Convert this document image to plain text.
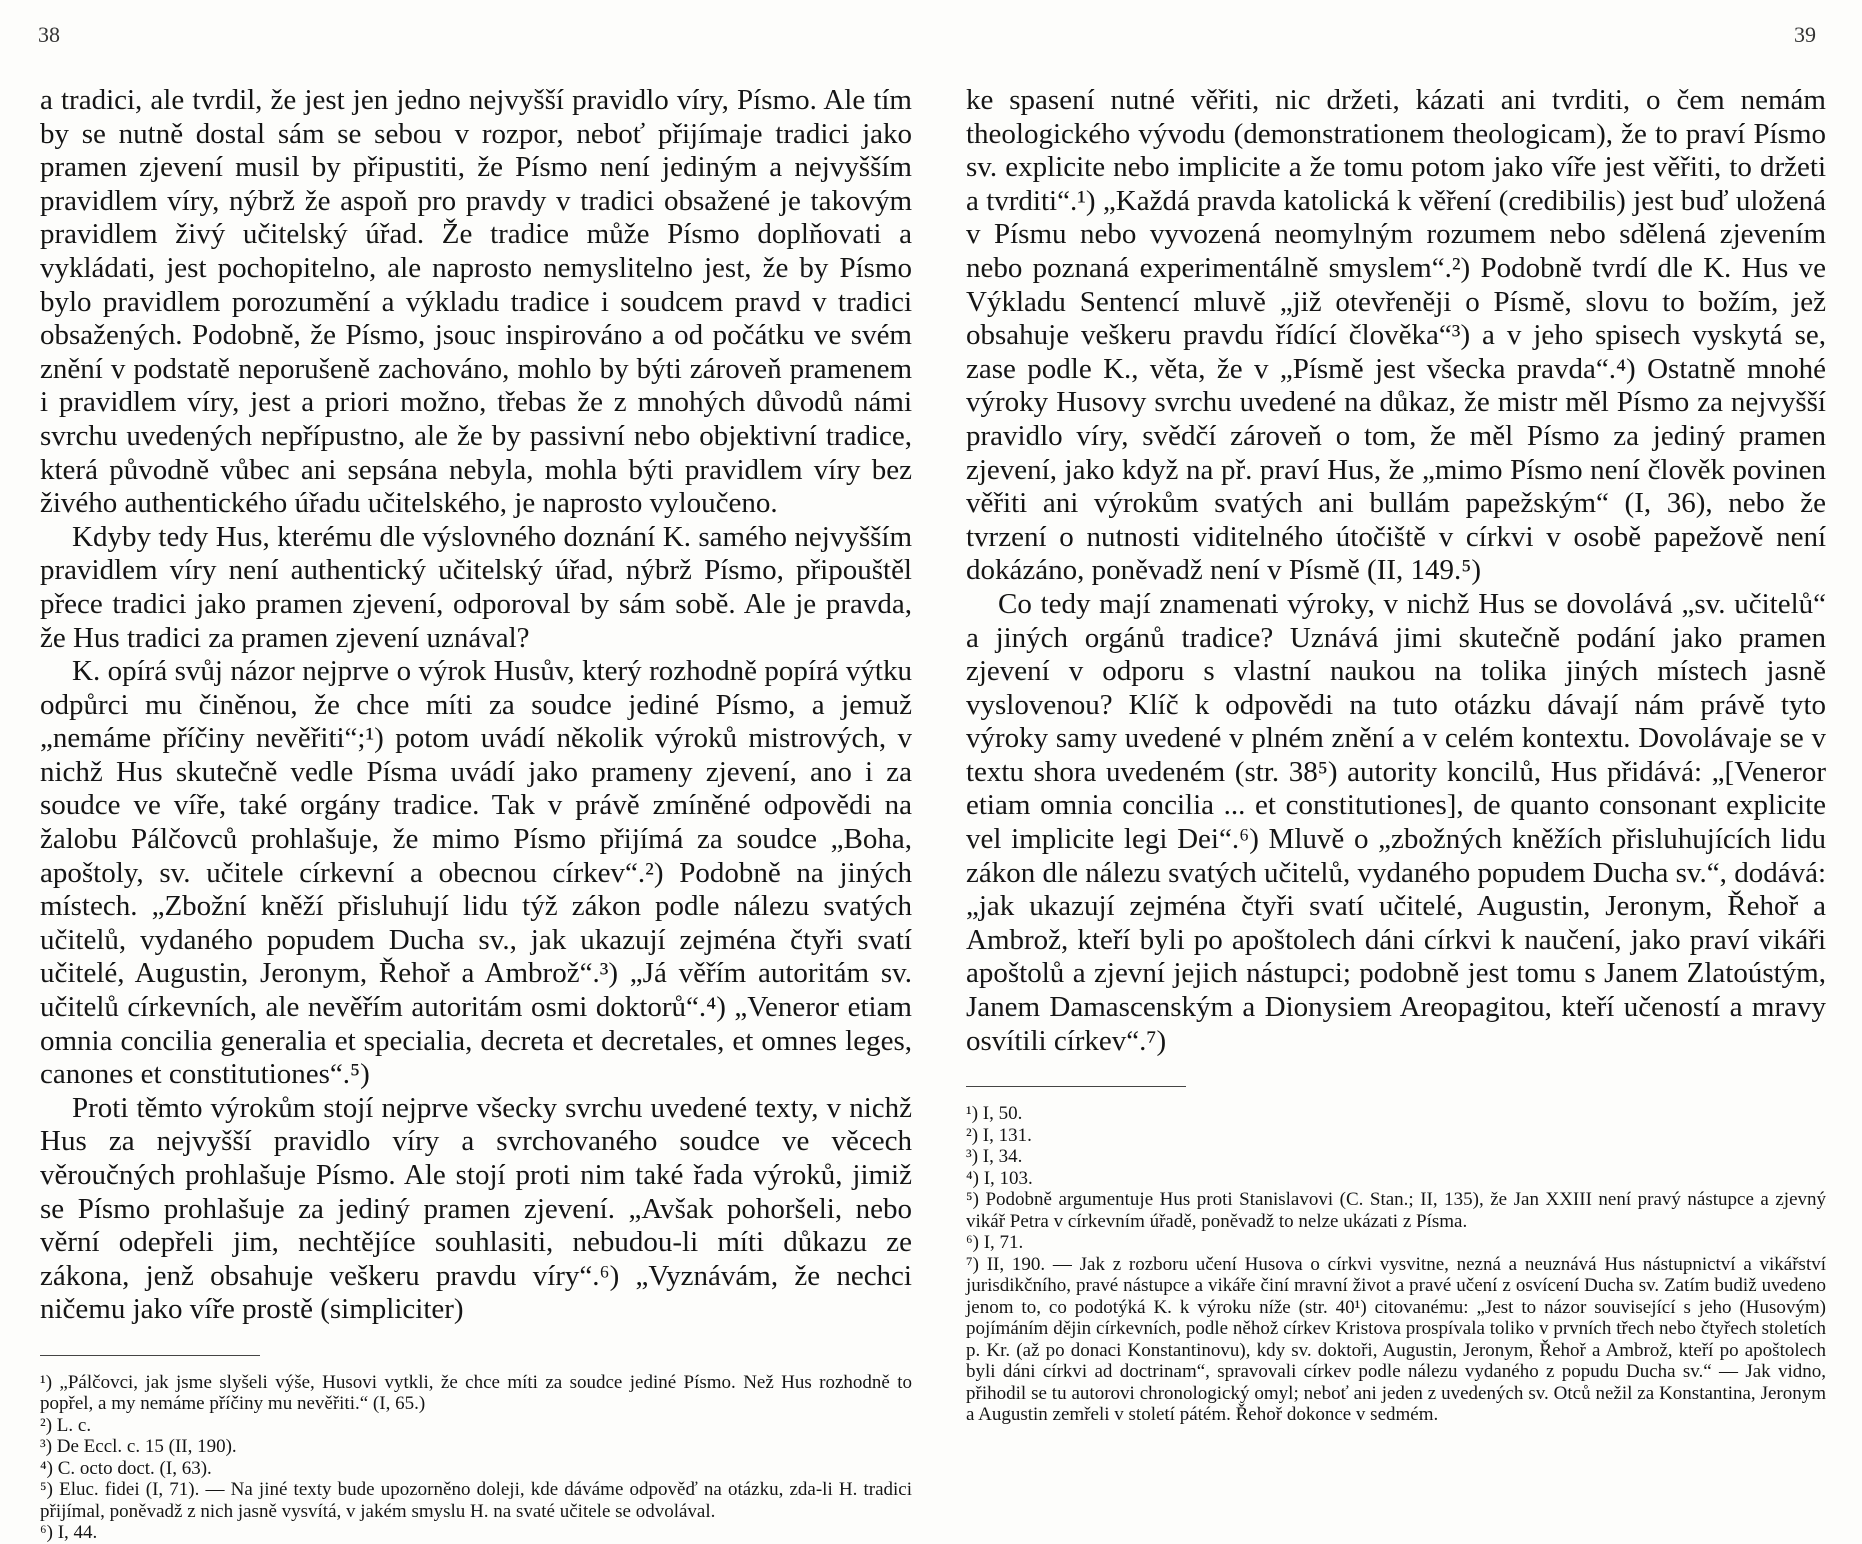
38

a tradici, ale tvrdil, že jest jen jedno nejvyšší pravidlo víry, Písmo. Ale tím by se nutně dostal sám se sebou v rozpor, neboť přijímaje tradici jako pramen zjevení musil by připustiti, že Písmo není jediným a nejvyšším pravidlem víry, nýbrž že aspoň pro pravdy v tradici obsažené je takovým pravidlem živý učitelský úřad. Že tradice může Písmo doplňovati a vykládati, jest pochopitelno, ale naprosto nemyslitelno jest, že by Písmo bylo pravidlem porozumění a výkladu tradice i soudcem pravd v tradici obsažených. Podobně, že Písmo, jsouc inspirováno a od počátku ve svém znění v podstatě neporušeně zachováno, mohlo by býti zároveň pramenem i pravidlem víry, jest a priori možno, třebas že z mnohých důvodů námi svrchu uvedených nepřípustno, ale že by passivní nebo objektivní tradice, která původně vůbec ani sepsána nebyla, mohla býti pravidlem víry bez živého authentického úřadu učitelského, je naprosto vyloučeno.

Kdyby tedy Hus, kterému dle výslovného doznání K. samého nejvyšším pravidlem víry není authentický učitelský úřad, nýbrž Písmo, připouštěl přece tradici jako pramen zjevení, odporoval by sám sobě. Ale je pravda, že Hus tradici za pramen zjevení uznával?

K. opírá svůj názor nejprve o výrok Husův, který rozhodně popírá výtku odpůrci mu činěnou, že chce míti za soudce jediné Písmo, a jemuž „nemáme příčiny nevěřiti“;¹) potom uvádí několik výroků mistrových, v nichž Hus skutečně vedle Písma uvádí jako prameny zjevení, ano i za soudce ve víře, také orgány tradice. Tak v právě zmíněné odpovědi na žalobu Pálčovců prohlašuje, že mimo Písmo přijímá za soudce „Boha, apoštoly, sv. učitele církevní a obecnou církev“.²) Podobně na jiných místech. „Zbožní kněží přisluhují lidu týž zákon podle nálezu svatých učitelů, vydaného popudem Ducha sv., jak ukazují zejména čtyři svatí učitelé, Augustin, Jeronym, Řehoř a Ambrož“.³) „Já věřím autoritám sv. učitelů církevních, ale nevěřím autoritám osmi doktorů“.⁴) „Veneror etiam omnia concilia generalia et specialia, decreta et decretales, et omnes leges, canones et constitutiones“.⁵)

Proti těmto výrokům stojí nejprve všecky svrchu uvedené texty, v nichž Hus za nejvyšší pravidlo víry a svrchovaného soudce ve věcech věroučných prohlašuje Písmo. Ale stojí proti nim také řada výroků, jimiž se Písmo prohlašuje za jediný pramen zjevení. „Avšak pohoršeli, nebo věrní odepřeli jim, nechtějíce souhlasiti, nebudou-li míti důkazu ze zákona, jenž obsahuje veškeru pravdu víry“.⁶) „Vyznávám, že nechci ničemu jako víře prostě (simpliciter)

¹) „Pálčovci, jak jsme slyšeli výše, Husovi vytkli, že chce míti za soudce jediné Písmo. Než Hus rozhodně to popřel, a my nemáme příčiny mu nevěřiti.“ (I, 65.)

²) L. c.

³) De Eccl. c. 15 (II, 190).

⁴) C. octo doct. (I, 63).

⁵) Eluc. fidei (I, 71). — Na jiné texty bude upozorněno doleji, kde dáváme odpověď na otázku, zda-li H. tradici přijímal, poněvadž z nich jasně vysvítá, v jakém smyslu H. na svaté učitele se odvolával.

⁶) I, 44.

39

ke spasení nutné věřiti, nic držeti, kázati ani tvrditi, o čem nemám theologického vývodu (demonstrationem theologicam), že to praví Písmo sv. explicite nebo implicite a že tomu potom jako víře jest věřiti, to držeti a tvrditi“.¹) „Každá pravda katolická k věření (credibilis) jest buď uložená v Písmu nebo vyvozená neomylným rozumem nebo sdělená zjevením nebo poznaná experimentálně smyslem“.²) Podobně tvrdí dle K. Hus ve Výkladu Sentencí mluvě „již otevřeněji o Písmě, slovu to božím, jež obsahuje veškeru pravdu řídící člověka“³) a v jeho spisech vyskytá se, zase podle K., věta, že v „Písmě jest všecka pravda“.⁴) Ostatně mnohé výroky Husovy svrchu uvedené na důkaz, že mistr měl Písmo za nejvyšší pravidlo víry, svědčí zároveň o tom, že měl Písmo za jediný pramen zjevení, jako když na př. praví Hus, že „mimo Písmo není člověk povinen věřiti ani výrokům svatých ani bullám papežským“ (I, 36), nebo že tvrzení o nutnosti viditelného útočiště v církvi v osobě papežově není dokázáno, poněvadž není v Písmě (II, 149.⁵)

Co tedy mají znamenati výroky, v nichž Hus se dovolává „sv. učitelů“ a jiných orgánů tradice? Uznává jimi skutečně podání jako pramen zjevení v odporu s vlastní naukou na tolika jiných místech jasně vyslovenou? Klíč k odpovědi na tuto otázku dávají nám právě tyto výroky samy uvedené v plném znění a v celém kontextu. Dovolávaje se v textu shora uvedeném (str. 38⁵) autority koncilů, Hus přidává: „[Veneror etiam omnia concilia ... et constitutiones], de quanto consonant explicite vel implicite legi Dei“.⁶) Mluvě o „zbožných kněžích přisluhujících lidu zákon dle nálezu svatých učitelů, vydaného popudem Ducha sv.“, dodává: „jak ukazují zejména čtyři svatí učitelé, Augustin, Jeronym, Řehoř a Ambrož, kteří byli po apoštolech dáni církvi k naučení, jako praví vikáři apoštolů a zjevní jejich nástupci; podobně jest tomu s Janem Zlatoústým, Janem Damascenským a Dionysiem Areopagitou, kteří učeností a mravy osvítili církev“.⁷)

¹) I, 50.

²) I, 131.

³) I, 34.

⁴) I, 103.

⁵) Podobně argumentuje Hus proti Stanislavovi (C. Stan.; II, 135), že Jan XXIII není pravý nástupce a zjevný vikář Petra v církevním úřadě, poněvadž to nelze ukázati z Písma.

⁶) I, 71.

⁷) II, 190. — Jak z rozboru učení Husova o církvi vysvitne, nezná a neuznává Hus nástupnictví a vikářství jurisdikčního, pravé nástupce a vikáře činí mravní život a pravé učení z osvícení Ducha sv. Zatím budiž uvedeno jenom to, co podotýká K. k výroku níže (str. 40¹) citovanému: „Jest to názor související s jeho (Husovým) pojímáním dějin církevních, podle něhož církev Kristova prospívala toliko v prvních třech nebo čtyřech stoletích p. Kr. (až po donaci Konstantinovu), kdy sv. doktoři, Augustin, Jeronym, Řehoř a Ambrož, kteří po apoštolech byli dáni církvi ad doctrinam“, spravovali církev podle nálezu vydaného z popudu Ducha sv.“ — Jak vidno, přihodil se tu autorovi chronologický omyl; neboť ani jeden z uvedených sv. Otců nežil za Konstantina, Jeronym a Augustin zemřeli v století pátém. Řehoř dokonce v sedmém.
